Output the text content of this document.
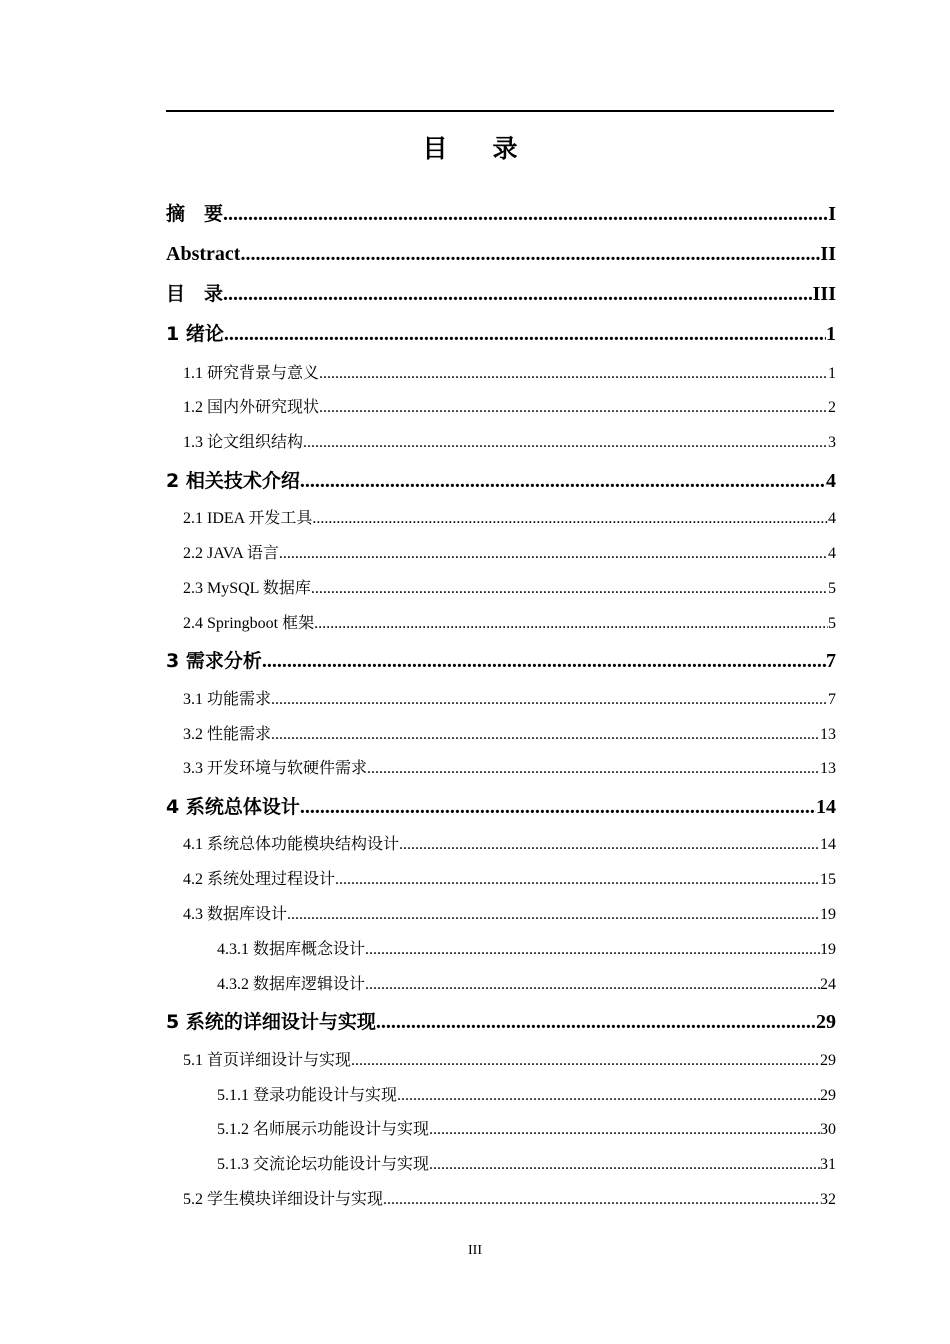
目　录
摘　要 .....	I
Abstract .....	II
目　录 .....	III
1 绪论 .....	1
1.1 研究背景与意义 .....	1
1.2 国内外研究现状 .....	2
1.3 论文组织结构 .....	3
2 相关技术介绍 .....	4
2.1 IDEA 开发工具 .....	4
2.2 JAVA 语言 .....	4
2.3 MySQL 数据库 .....	5
2.4 Springboot 框架 .....	5
3 需求分析 .....	7
3.1 功能需求 .....	7
3.2 性能需求 .....	13
3.3 开发环境与软硬件需求 .....	13
4 系统总体设计 .....	14
4.1 系统总体功能模块结构设计 .....	14
4.2 系统处理过程设计 .....	15
4.3 数据库设计 .....	19
4.3.1 数据库概念设计 .....	19
4.3.2 数据库逻辑设计 .....	24
5 系统的详细设计与实现 .....	29
5.1 首页详细设计与实现 .....	29
5.1.1 登录功能设计与实现 .....	29
5.1.2 名师展示功能设计与实现 .....	30
5.1.3 交流论坛功能设计与实现 .....	31
5.2 学生模块详细设计与实现 .....	32
III
